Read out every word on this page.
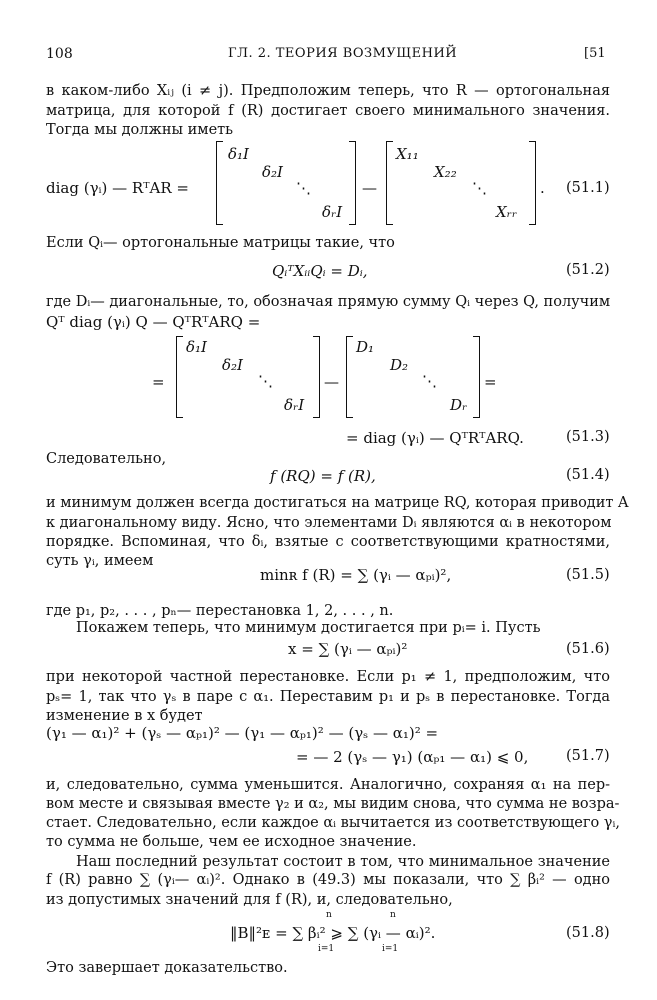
108	ГЛ. 2. ТЕОРИЯ ВОЗМУЩЕНИЙ	[51
в каком-либо Xᵢⱼ (i ≠ j). Предположим теперь, что R — ортогональная
матрица, для которой f (R) достигает своего минимального значения.
Тогда мы должны иметь
diag (γᵢ) — RᵀAR =
δ₁I
δ₂I
⋱
δᵣI
—
X₁₁
X₂₂
⋱
Xᵣᵣ
. (51.1)
Если Qᵢ— ортогональные матрицы такие, что
QᵢᵀXᵢᵢQᵢ = Dᵢ,	(51.2)
где Dᵢ— диагональные, то, обозначая прямую сумму Qᵢ через Q, получим
Qᵀ diag (γᵢ) Q — QᵀRᵀARQ =
=
δ₁I
δ₂I
⋱
δᵣI
—
D₁
D₂
⋱
Dᵣ
=
= diag (γᵢ) — QᵀRᵀARQ.	(51.3)
Следовательно,
f (RQ) = f (R),	(51.4)
и минимум должен всегда достигаться на матрице RQ, которая приводит A
к диагональному виду. Ясно, что элементами Dᵢ являются αᵢ в некотором
порядке. Вспоминая, что δᵢ, взятые с соответствующими кратностями,
суть γᵢ, имеем
minʀ f (R) = ∑ (γᵢ — αₚᵢ)²,	(51.5)
где p₁, p₂, . . . , pₙ— перестановка 1, 2, . . . , n.
Покажем теперь, что минимум достигается при pᵢ= i. Пусть
x = ∑ (γᵢ — αₚᵢ)²	(51.6)
при некоторой частной перестановке. Если p₁ ≠ 1, предположим, что
pₛ= 1, так что γₛ в паре с α₁. Переставим p₁ и pₛ в перестановке. Тогда
изменение в x будет
(γ₁ — α₁)² + (γₛ — αₚ₁)² — (γ₁ — αₚ₁)² — (γₛ — α₁)² =
= — 2 (γₛ — γ₁) (αₚ₁ — α₁) ⩽ 0,	(51.7)
и, следовательно, сумма уменьшится. Аналогично, сохраняя α₁ на пер-
вом месте и связывая вместе γ₂ и α₂, мы видим снова, что сумма не возра-
стает. Следовательно, если каждое αᵢ вычитается из соответствующего γᵢ,
то сумма не больше, чем ее исходное значение.
Наш последний результат состоит в том, что минимальное значение
f (R) равно ∑ (γᵢ— αᵢ)². Однако в (49.3) мы показали, что ∑ βᵢ² — одно
из допустимых значений для f (R), и, следовательно,
‖B‖²ᴇ = ∑ βᵢ² ⩾ ∑ (γᵢ — αᵢ)².
n
i=1
n
i=1
(51.8)
Это завершает доказательство.
